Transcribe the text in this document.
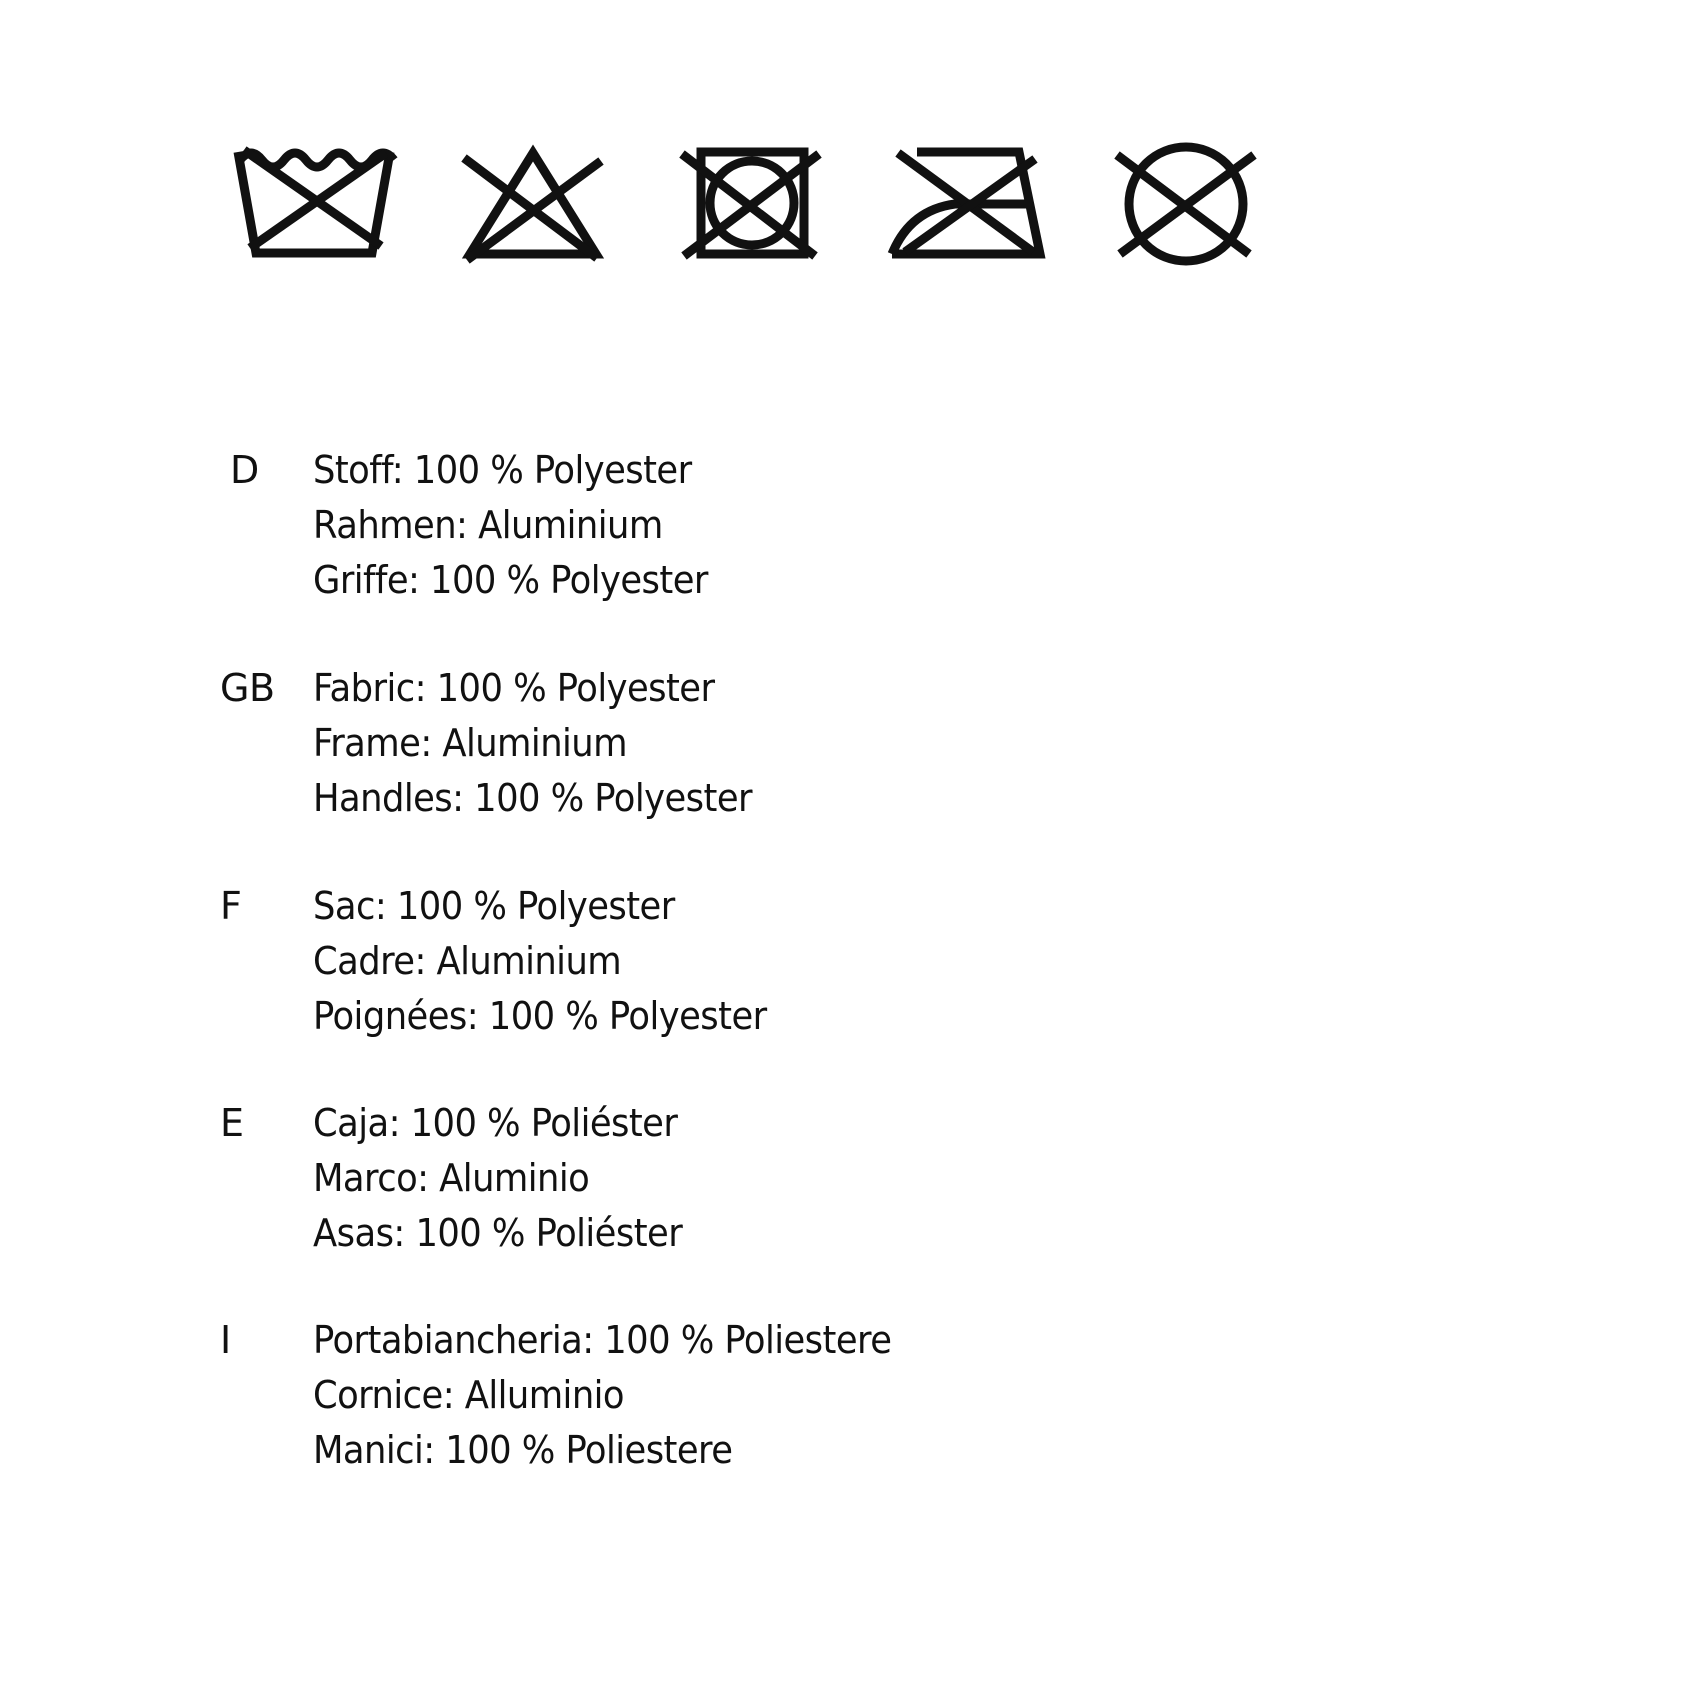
D Stoff: 100 % Polyester
Rahmen: Aluminium
Griffe: 100 % Polyester
GB Fabric: 100 % Polyester
Frame: Aluminium
Handles: 100 % Polyester
F Sac: 100 % Polyester
Cadre: Aluminium
Poignées: 100 % Polyester
E Caja: 100 % Poliéster
Marco: Aluminio
Asas: 100 % Poliéster
I Portabiancheria: 100 % Poliestere
Cornice: Alluminio
Manici: 100 % Poliestere
